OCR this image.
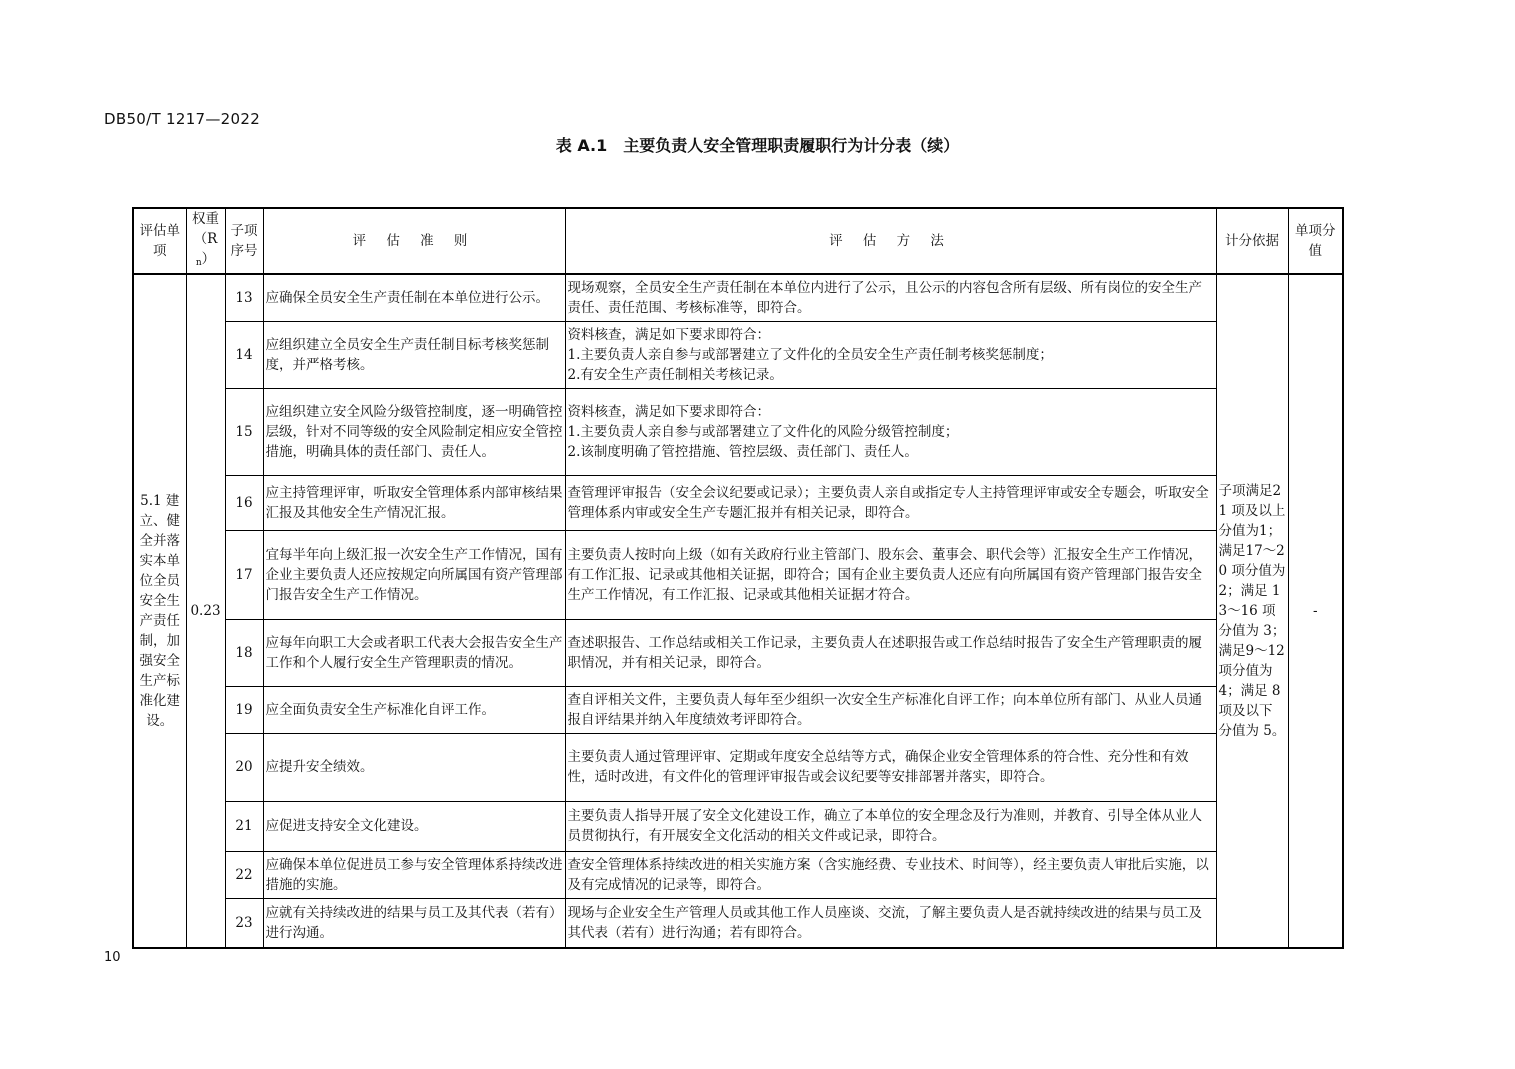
DB50/T 1217—2022
表 A.1　主要负责人安全管理职责履职行为计分表（续）
评估单项	权重（Rn）	子项序号	评 估 准 则	评 估 方 法	计分依据	单项分值
5.1 建立、健全并落实本单位全员安全生产责任制，加强安全生产标准化建设。	0.23	13	应确保全员安全生产责任制在本单位进行公示。	现场观察，全员安全生产责任制在本单位内进行了公示，且公示的内容包含所有层级、所有岗位的安全生产责任、责任范围、考核标准等，即符合。	子项满足21 项及以上分值为1；满足17～20 项分值为 2；满足 13～16 项分值为 3；满足9～12 项分值为 4；满足 8 项及以下分值为 5。	-
		14	应组织建立全员安全生产责任制目标考核奖惩制度，并严格考核。	资料核查，满足如下要求即符合：
1.主要负责人亲自参与或部署建立了文件化的全员安全生产责任制考核奖惩制度；
2.有安全生产责任制相关考核记录。		
		15	应组织建立安全风险分级管控制度，逐一明确管控层级，针对不同等级的安全风险制定相应安全管控措施，明确具体的责任部门、责任人。	资料核查，满足如下要求即符合：
1.主要负责人亲自参与或部署建立了文件化的风险分级管控制度；
2.该制度明确了管控措施、管控层级、责任部门、责任人。		
		16	应主持管理评审，听取安全管理体系内部审核结果汇报及其他安全生产情况汇报。	查管理评审报告（安全会议纪要或记录）；主要负责人亲自或指定专人主持管理评审或安全专题会，听取安全管理体系内审或安全生产专题汇报并有相关记录，即符合。		
		17	宜每半年向上级汇报一次安全生产工作情况，国有企业主要负责人还应按规定向所属国有资产管理部门报告安全生产工作情况。	主要负责人按时向上级（如有关政府行业主管部门、股东会、董事会、职代会等）汇报安全生产工作情况，有工作汇报、记录或其他相关证据，即符合；国有企业主要负责人还应有向所属国有资产管理部门报告安全生产工作情况，有工作汇报、记录或其他相关证据才符合。		
		18	应每年向职工大会或者职工代表大会报告安全生产工作和个人履行安全生产管理职责的情况。	查述职报告、工作总结或相关工作记录，主要负责人在述职报告或工作总结时报告了安全生产管理职责的履职情况，并有相关记录，即符合。		
		19	应全面负责安全生产标准化自评工作。	查自评相关文件，主要负责人每年至少组织一次安全生产标准化自评工作；向本单位所有部门、从业人员通报自评结果并纳入年度绩效考评即符合。		
		20	应提升安全绩效。	主要负责人通过管理评审、定期或年度安全总结等方式，确保企业安全管理体系的符合性、充分性和有效性，适时改进，有文件化的管理评审报告或会议纪要等安排部署并落实，即符合。		
		21	应促进支持安全文化建设。	主要负责人指导开展了安全文化建设工作，确立了本单位的安全理念及行为准则，并教育、引导全体从业人员贯彻执行，有开展安全文化活动的相关文件或记录，即符合。		
		22	应确保本单位促进员工参与安全管理体系持续改进措施的实施。	查安全管理体系持续改进的相关实施方案（含实施经费、专业技术、时间等），经主要负责人审批后实施，以及有完成情况的记录等，即符合。		
		23	应就有关持续改进的结果与员工及其代表（若有）进行沟通。	现场与企业安全生产管理人员或其他工作人员座谈、交流，了解主要负责人是否就持续改进的结果与员工及其代表（若有）进行沟通；若有即符合。		
10
